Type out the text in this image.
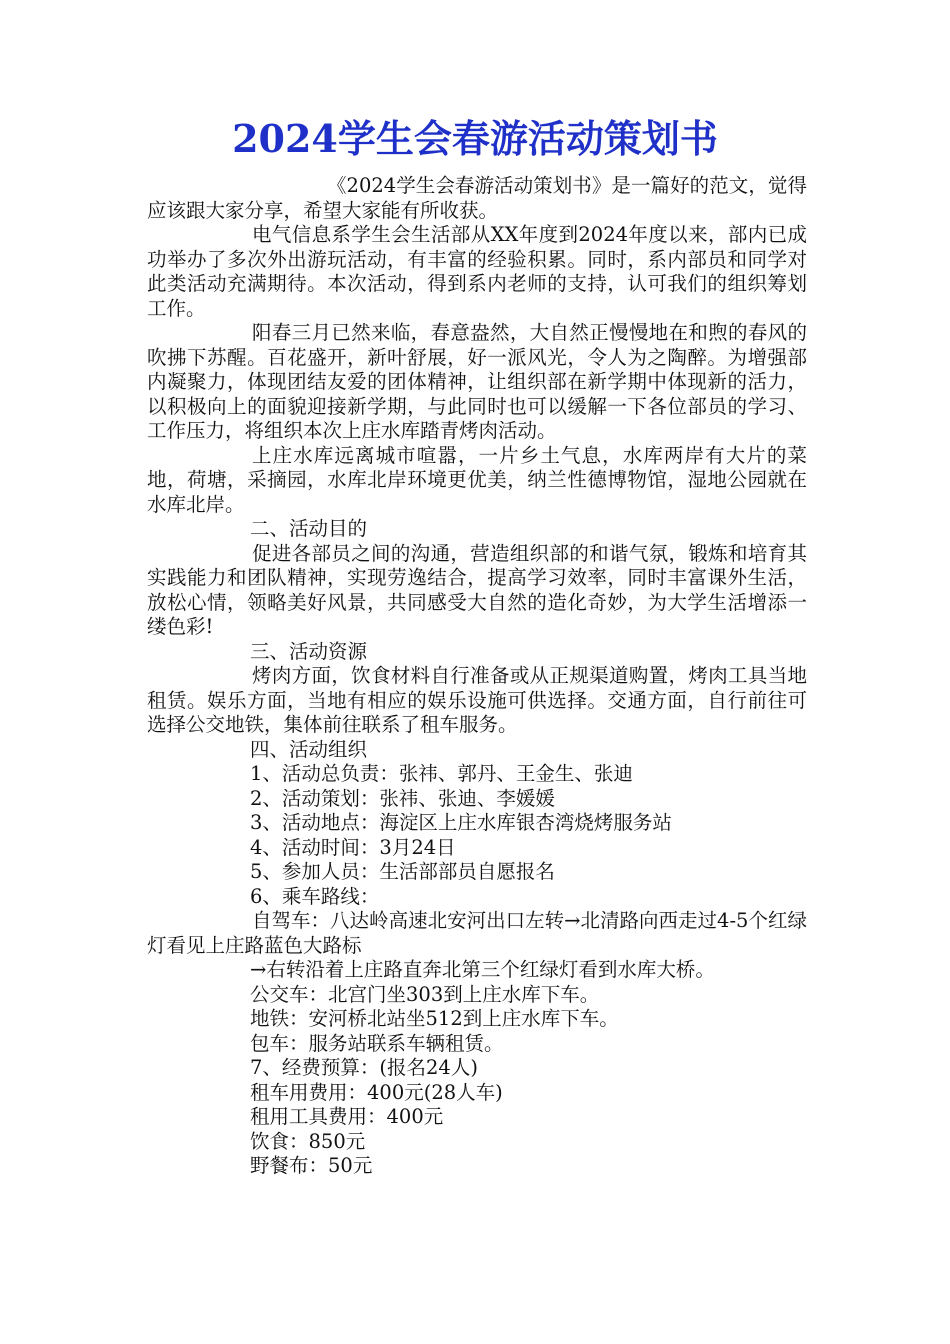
2024学生会春游活动策划书

《2024学生会春游活动策划书》是一篇好的范文，觉得应该跟大家分享，希望大家能有所收获。

电气信息系学生会生活部从XX年度到2024年度以来，部内已成功举办了多次外出游玩活动，有丰富的经验积累。同时，系内部员和同学对此类活动充满期待。本次活动，得到系内老师的支持，认可我们的组织筹划工作。

阳春三月已然来临，春意盎然，大自然正慢慢地在和煦的春风的吹拂下苏醒。百花盛开，新叶舒展，好一派风光，令人为之陶醉。为增强部内凝聚力，体现团结友爱的团体精神，让组织部在新学期中体现新的活力，以积极向上的面貌迎接新学期，与此同时也可以缓解一下各位部员的学习、工作压力，将组织本次上庄水库踏青烤肉活动。

上庄水库远离城市喧嚣，一片乡土气息，水库两岸有大片的菜地，荷塘，采摘园，水库北岸环境更优美，纳兰性德博物馆，湿地公园就在水库北岸。

二、活动目的

促进各部员之间的沟通，营造组织部的和谐气氛，锻炼和培育其实践能力和团队精神，实现劳逸结合，提高学习效率，同时丰富课外生活，放松心情，领略美好风景，共同感受大自然的造化奇妙，为大学生活增添一缕色彩!

三、活动资源

烤肉方面，饮食材料自行准备或从正规渠道购置，烤肉工具当地租赁。娱乐方面，当地有相应的娱乐设施可供选择。交通方面，自行前往可选择公交地铁，集体前往联系了租车服务。

四、活动组织

1、活动总负责：张祎、郭丹、王金生、张迪

2、活动策划：张祎、张迪、李媛媛

3、活动地点：海淀区上庄水库银杏湾烧烤服务站

4、活动时间：3月24日

5、参加人员：生活部部员自愿报名

6、乘车路线：

自驾车：八达岭高速北安河出口左转→北清路向西走过4-5个红绿灯看见上庄路蓝色大路标

→右转沿着上庄路直奔北第三个红绿灯看到水库大桥。

公交车：北宫门坐303到上庄水库下车。

地铁：安河桥北站坐512到上庄水库下车。

包车：服务站联系车辆租赁。

7、经费预算：(报名24人)

租车用费用：400元(28人车)

租用工具费用：400元

饮食：850元

野餐布：50元
